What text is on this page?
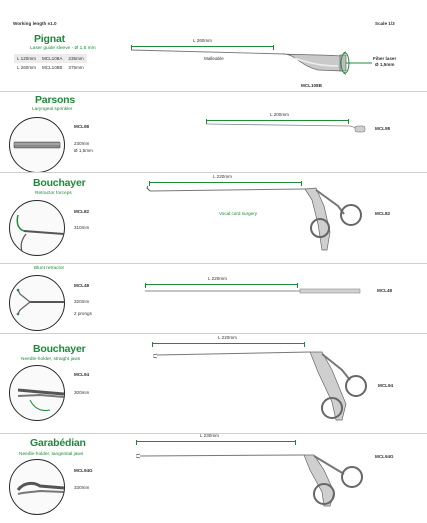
Working length ±1.0	Scale 1/3
Pignat
Laser guide sleeve - Ø 1,5 mm
L 120mm	MCL108A	235mm
L 260mm	MCL108B	375mm
L 260mm
Malleable
MCL108B
Fiber laser
Ø 1,5mm
Parsons
Laryngeal sprinkler
MCL98
230mm
Ø 1,5mm
L 200mm
MCL98
Bouchayer
Retractor forceps
MCL82
310mm
L 220mm
Vocal cord surgery	MCL82
Blunt retractor
MCL48
320mm
2 prongs
L 220mm
MCL48
Bouchayer
Needle-holder, straight jaws
MCL94
300mm
L 220mm
MCL94
Garabédian
Needle-holder, tangential jaws
MCL94G
330mm
L 230mm
MCL94G
